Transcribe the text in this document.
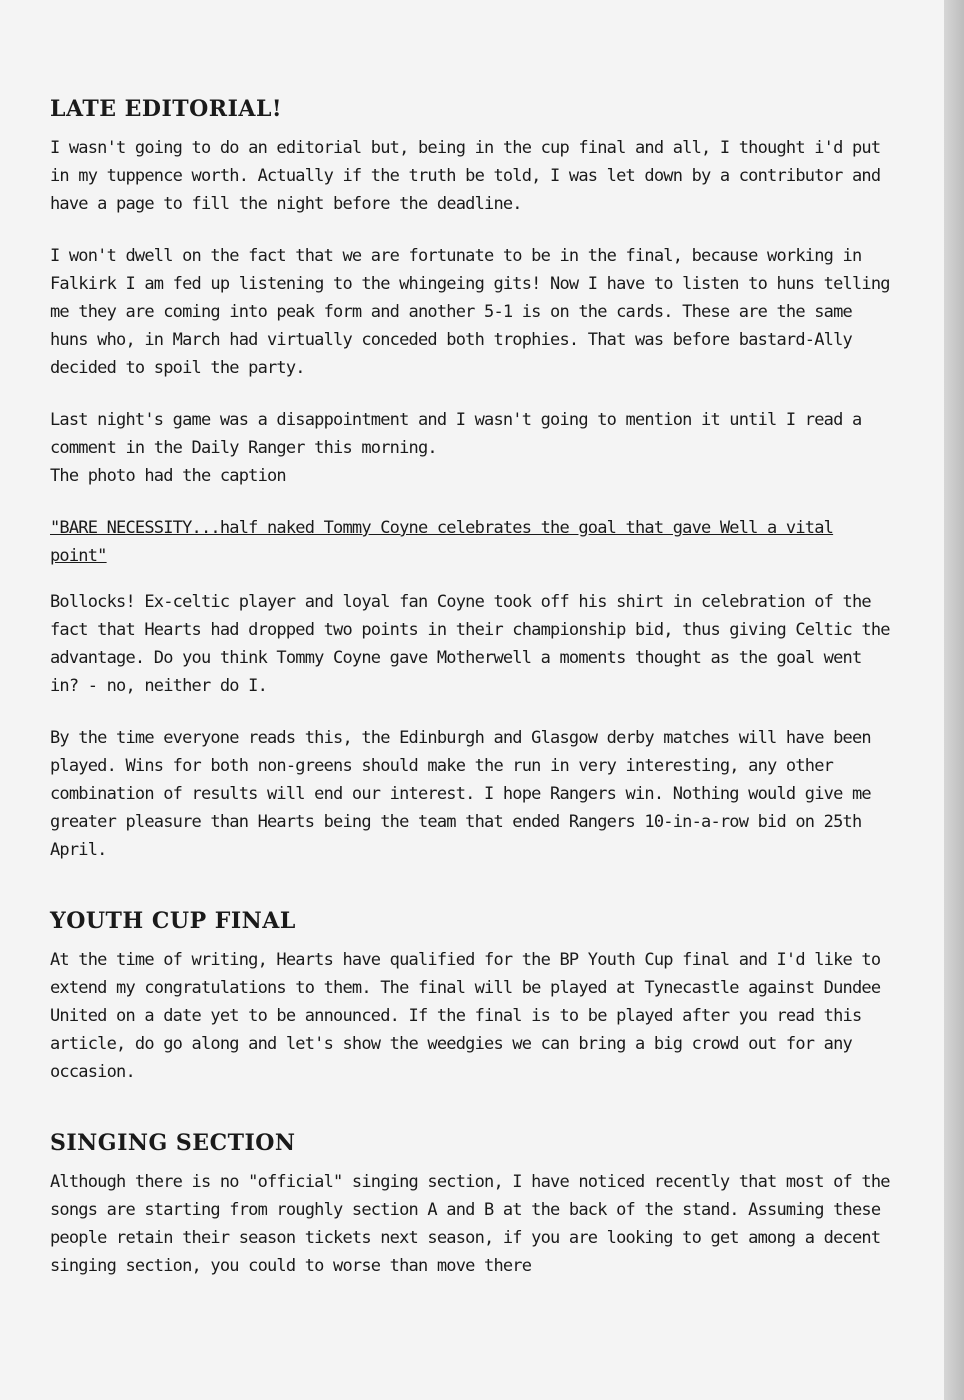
LATE EDITORIAL!

I wasn't going to do an editorial but, being in the cup final and all, I thought i'd put in my tuppence worth. Actually if the truth be told, I was let down by a contributor and have a page to fill the night before the deadline.

I won't dwell on the fact that we are fortunate to be in the final, because working in Falkirk I am fed up listening to the whingeing gits! Now I have to listen to huns telling me they are coming into peak form and another 5-1 is on the cards. These are the same huns who, in March had virtually conceded both trophies. That was before bastard-Ally decided to spoil the party.

Last night's game was a disappointment and I wasn't going to mention it until I read a comment in the Daily Ranger this morning.

The photo had the caption

"BARE NECESSITY...half naked Tommy Coyne celebrates the goal that gave Well a vital point"

Bollocks! Ex-celtic player and loyal fan Coyne took off his shirt in celebration of the fact that Hearts had dropped two points in their championship bid, thus giving Celtic the advantage. Do you think Tommy Coyne gave Motherwell a moments thought as the goal went in? - no, neither do I.

By the time everyone reads this, the Edinburgh and Glasgow derby matches will have been played. Wins for both non-greens should make the run in very interesting, any other combination of results will end our interest. I hope Rangers win. Nothing would give me greater pleasure than Hearts being the team that ended Rangers 10-in-a-row bid on 25th April.

YOUTH CUP FINAL

At the time of writing, Hearts have qualified for the BP Youth Cup final and I'd like to extend my congratulations to them. The final will be played at Tynecastle against Dundee United on a date yet to be announced. If the final is to be played after you read this article, do go along and let's show the weedgies we can bring a big crowd out for any occasion.

SINGING SECTION

Although there is no "official" singing section, I have noticed recently that most of the songs are starting from roughly section A and B at the back of the stand. Assuming these people retain their season tickets next season, if you are looking to get among a decent singing section, you could to worse than move there
